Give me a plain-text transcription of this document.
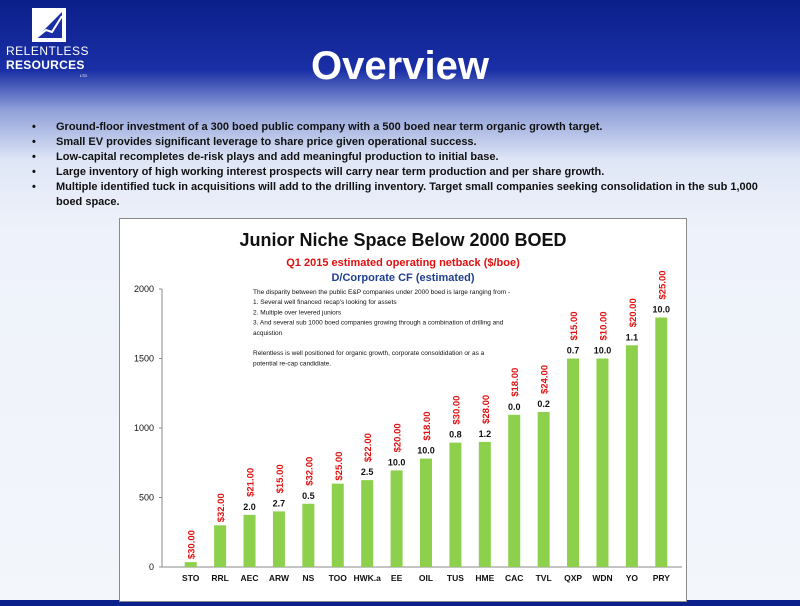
RELENTLESS
RESOURCES
LTD	Overview
• Ground-floor investment of a 300 boed public company with a 500 boed near term organic growth target.
• Small EV provides significant leverage to share price given operational success.
• Low-capital recompletes de-risk plays and add meaningful production to initial base.
• Large inventory of high working interest prospects will carry near term production and per share growth.
• Multiple identified tuck in acquisitions will add to the drilling inventory. Target small companies seeking consolidation in the sub 1,000 boed space.
Junior Niche Space Below 2000 BOED
Q1 2015 estimated operating netback ($/boe)
D/Corporate CF (estimated)
0
500
1000
1500
2000	The disparity between the public E&P companies under 2000 boed is large ranging from -
1. Several well financed recap's looking for assets
2. Multiple over levered juniors
3. And several sub 1000 boed companies growing through a combination of drilling and
acquistion
Relentless is well positioned for organic growth, corporate consoldidation or as a
potential re-cap candidiate.
STO
$30.00
RRL
$32.00
AEC
2.0
$21.00
ARW
2.7
$15.00
NS
0.5
$32.00
TOO
$25.00
HWK.a
2.5
$22.00
EE
10.0
$20.00
OIL
10.0
$18.00
TUS
0.8
$30.00
HME
1.2
$28.00
CAC
0.0
$18.00
TVL
0.2
$24.00
QXP
0.7
$15.00
WDN
10.0
$10.00
YO
1.1
$20.00
PRY
10.0
$25.00
